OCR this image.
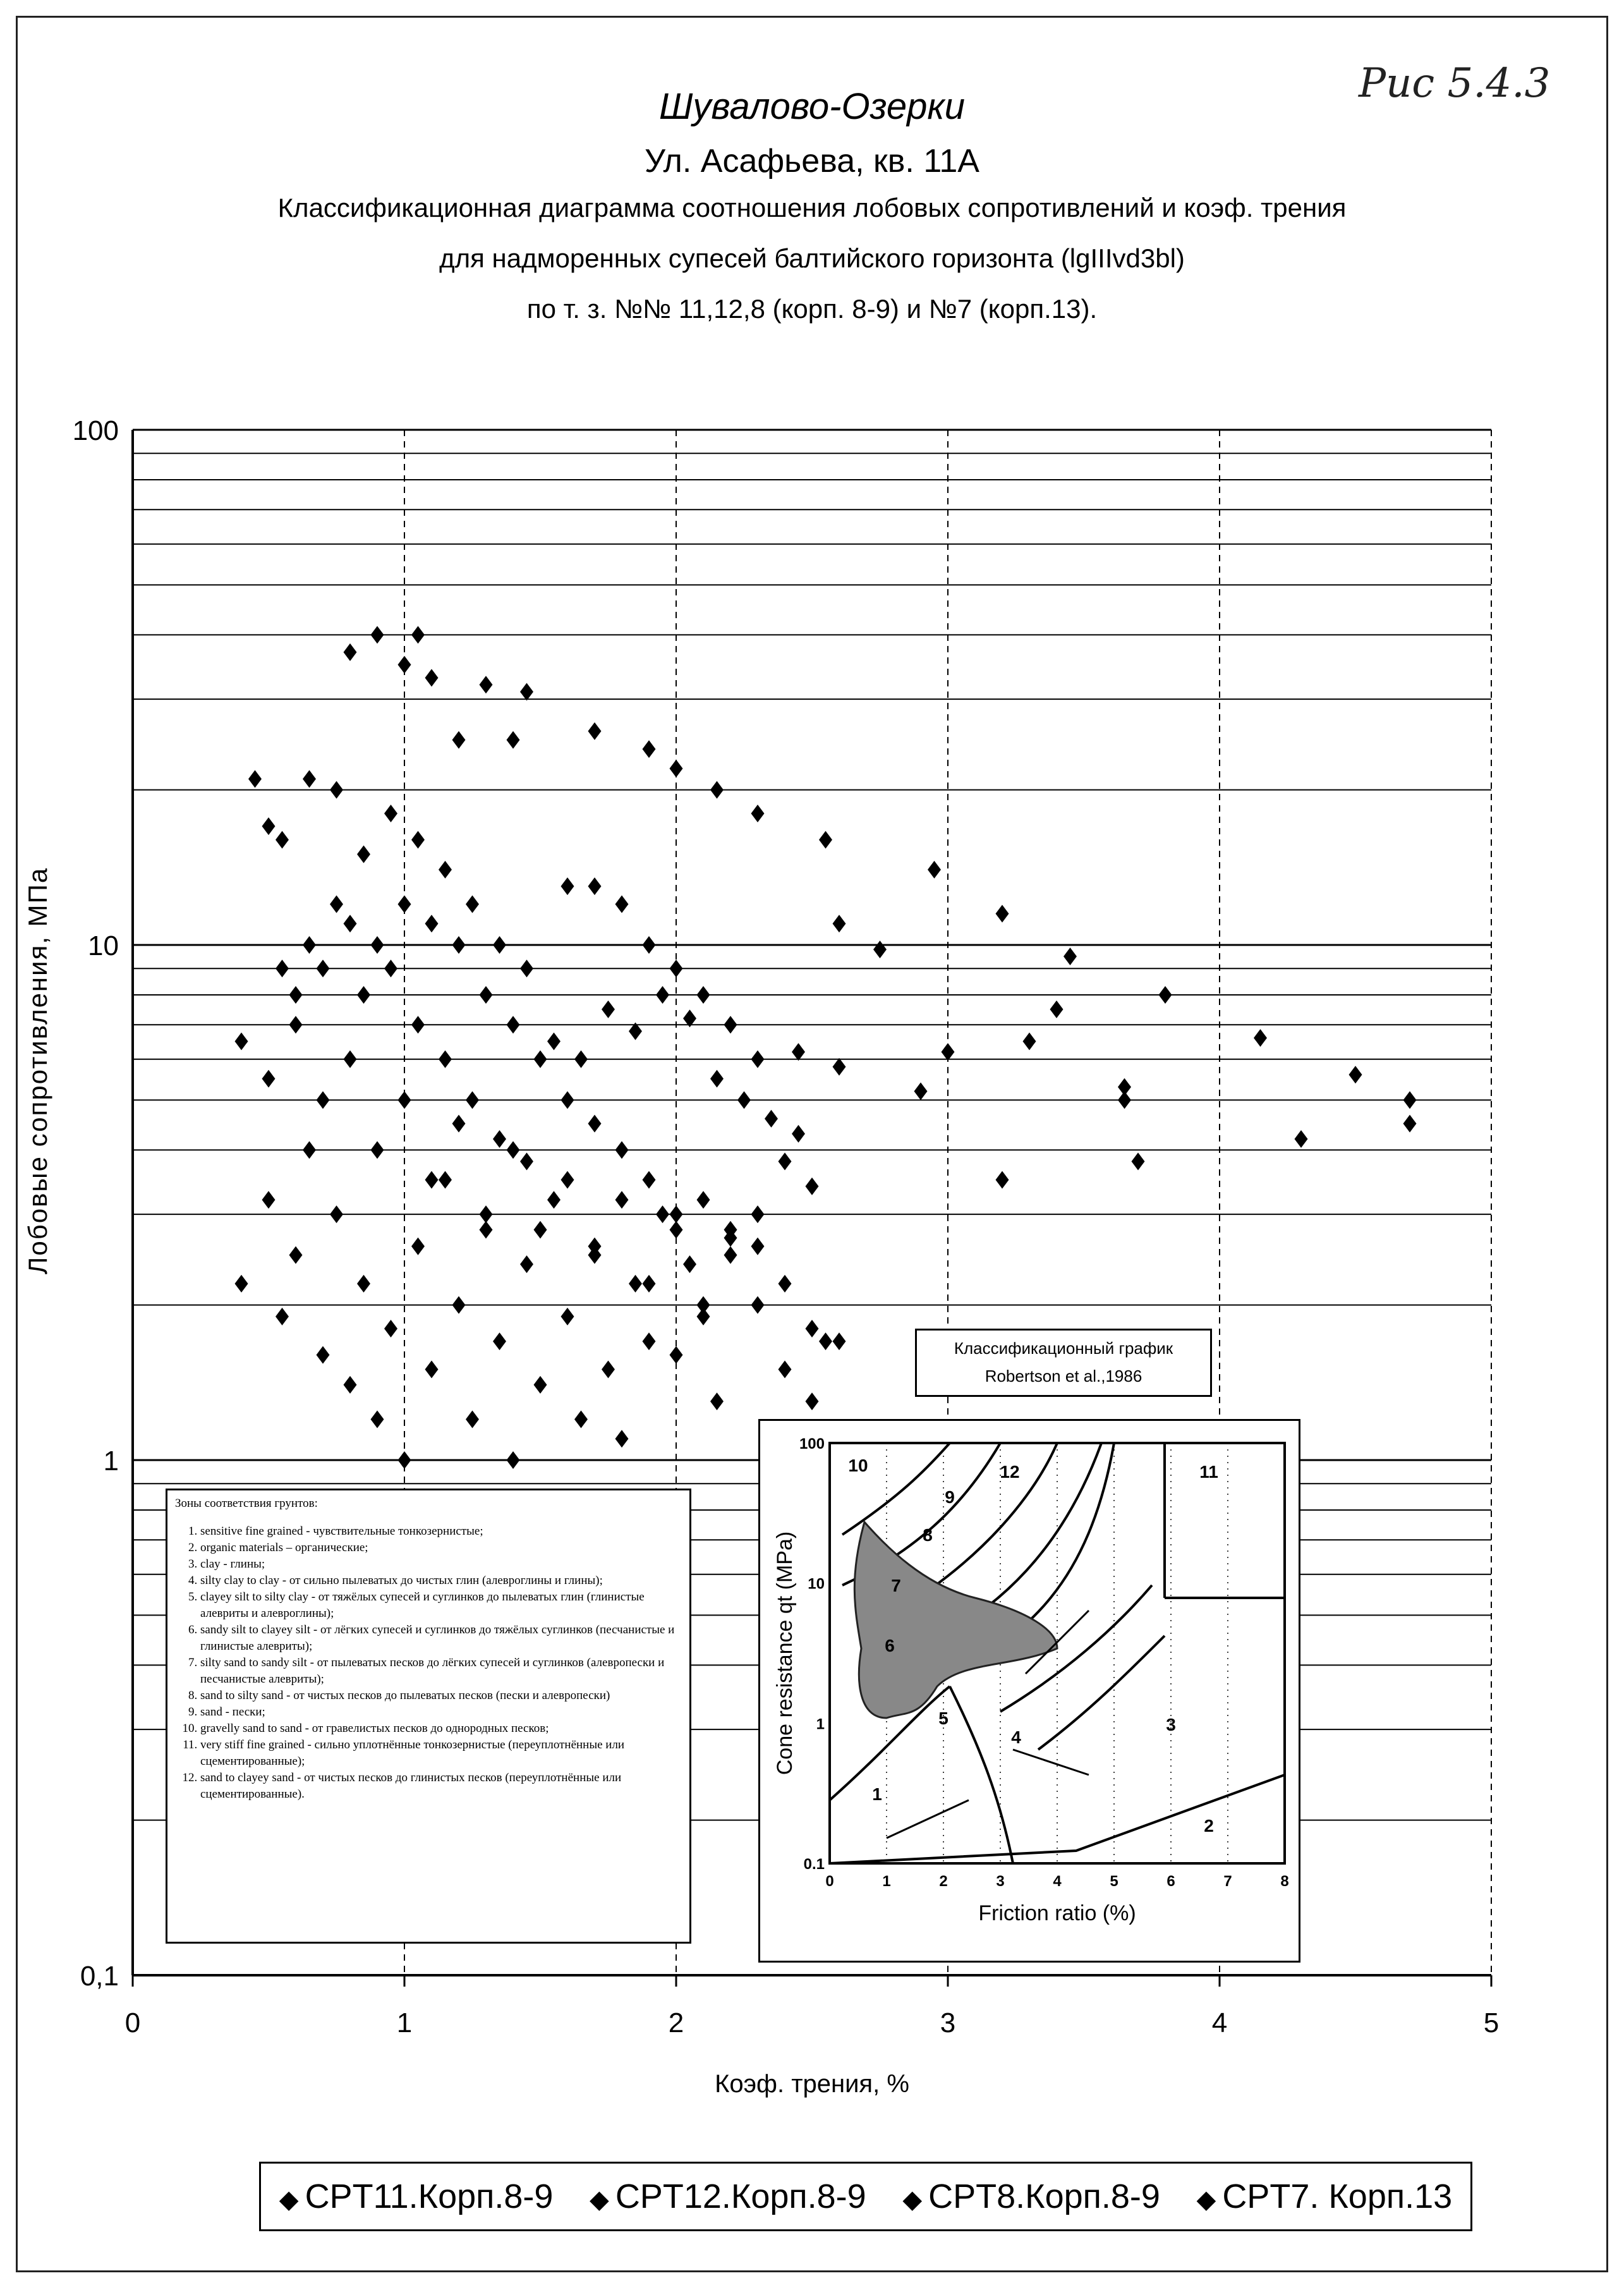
Рис 5.4.3
Шувалово-Озерки
Ул. Асафьева, кв. 11А
Классификационная диаграмма соотношения лобовых сопротивлений и коэф. трения
для надморенных супесей балтийского горизонта (lgIIIvd3bl)
по т. з. №№ 11,12,8 (корп. 8-9) и №7 (корп.13).
0	1	2	3	4	5
0,1
1
10
100
Лобовые сопротивления, МПа
Коэф. трения, %
Зоны соответствия грунтов:
1. sensitive fine grained - чувствительные тонкозернистые;
2. organic materials – органические;
3. clay - глины;
4. silty clay to clay - от сильно пылеватых до чистых глин (алевроглины и глины);
5. clayey silt to silty clay - от тяжёлых супесей и суглинков до пылеватых глин (глинистые алевриты и алевроглины);
6. sandy silt to clayey silt - от лёгких супесей и суглинков до тяжёлых суглинков (песчанистые и глинистые алевриты);
7. silty sand to sandy silt - от пылеватых песков до лёгких супесей и суглинков (алевропески и песчанистые алевриты);
8. sand to silty sand - от чистых песков до пылеватых песков (пески и алевропески)
9. sand - пески;
10. gravelly sand to sand - от гравелистых песков до однородных песков;
11. very stiff fine grained - сильно уплотнённые тонкозернистые (переуплотнённые или сцементированные);
12. sand to clayey sand - от чистых песков до глинистых песков (переуплотнённые или сцементированные).
Классификационный график
Robertson et al.,1986
0	1	2	3	4	5	6	7	8
100
10
1
0.1
Friction ratio (%)
Cone resistance qt (MPa)
10	12	11
9
8
7
6
5
4
3
2
1
◆ CPT11.Корп.8-9 ◆ CPT12.Корп.8-9 ◆ CPT8.Корп.8-9 ◆ CPT7. Корп.13
